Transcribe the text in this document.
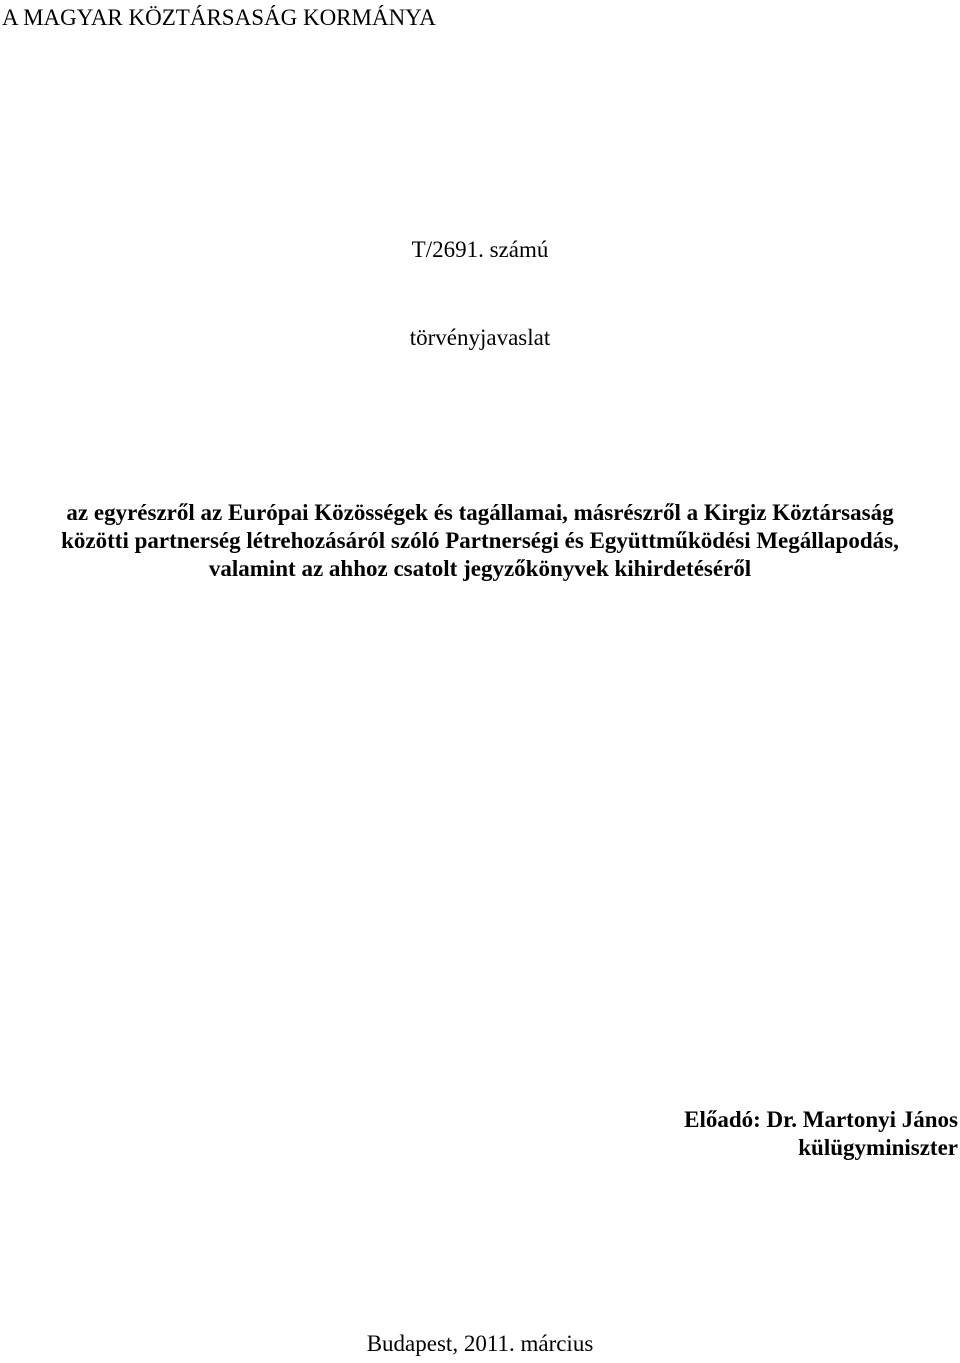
A MAGYAR KÖZTÁRSASÁG KORMÁNYA
T/2691. számú
törvényjavaslat
az egyrészről az Európai Közösségek és tagállamai, másrészről a Kirgiz Köztársaság
közötti partnerség létrehozásáról szóló Partnerségi és Együttműködési Megállapodás,
valamint az ahhoz csatolt jegyzőkönyvek kihirdetéséről
Előadó: Dr. Martonyi János
külügyminiszter
Budapest, 2011. március
